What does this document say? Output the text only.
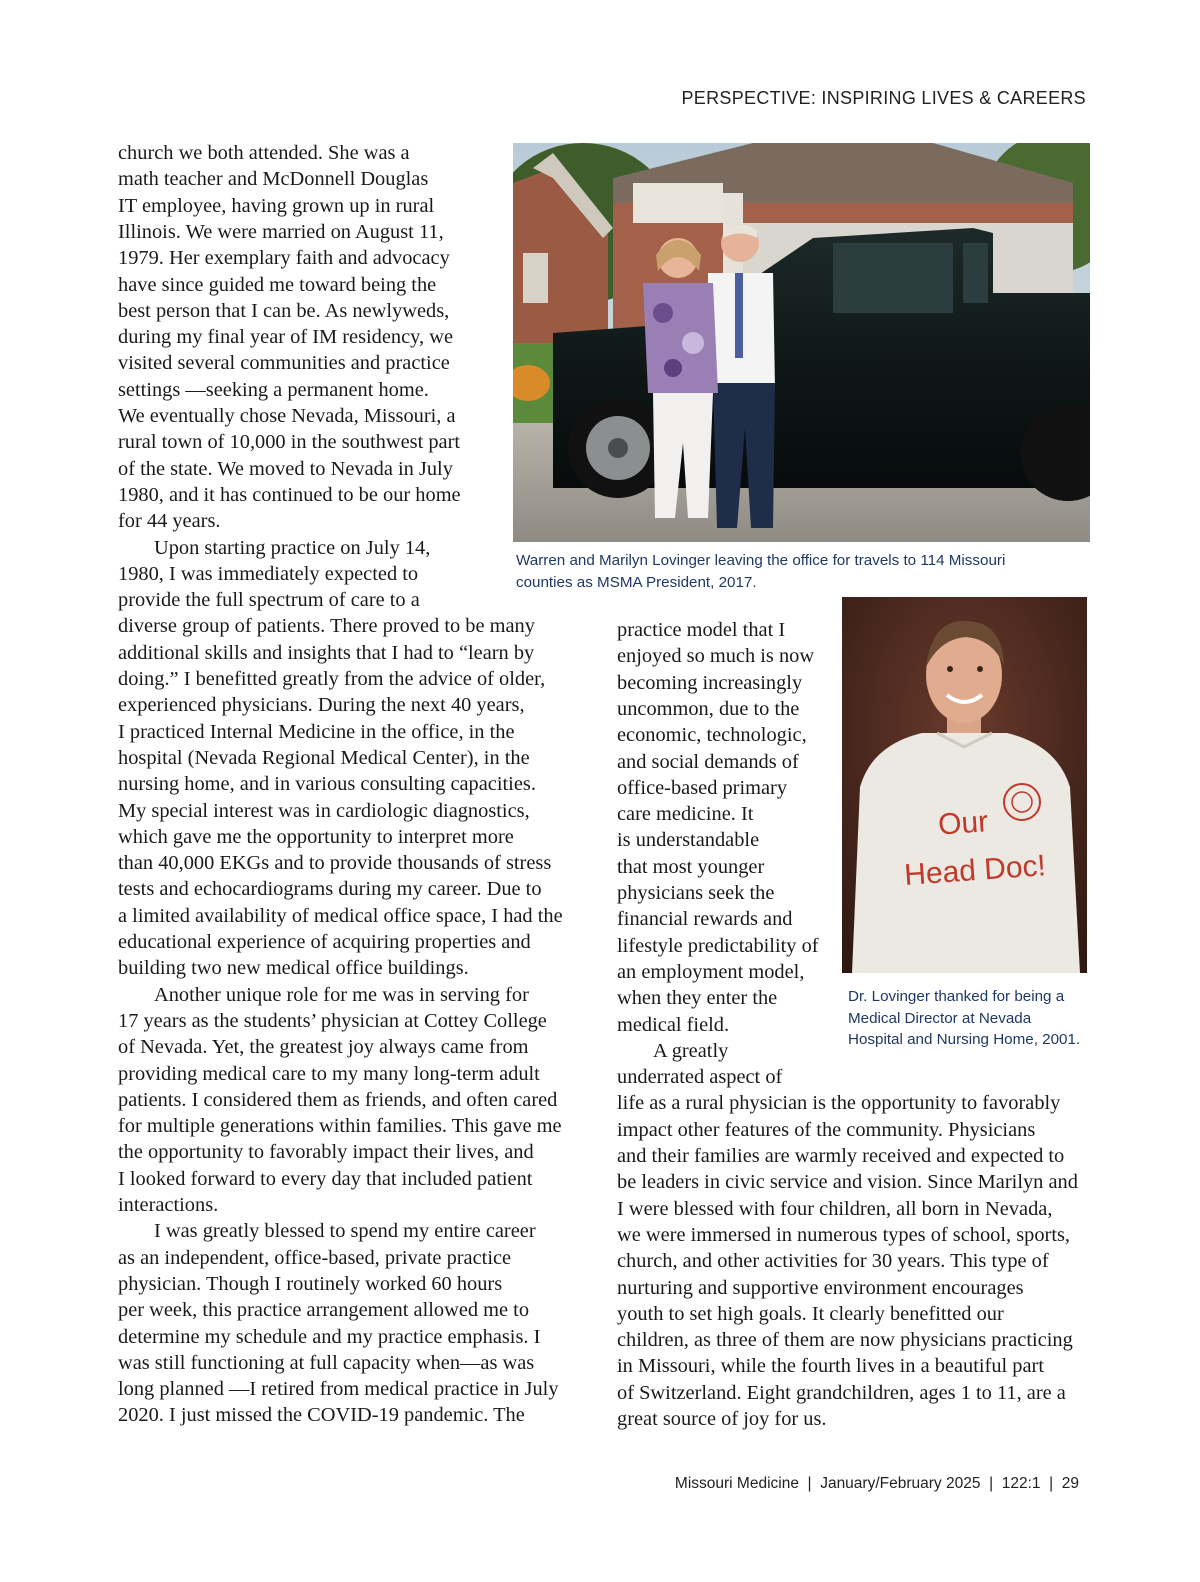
PERSPECTIVE: INSPIRING LIVES & CAREERS
Warren and Marilyn Lovinger leaving the office for travels to 114 Missouri
counties as MSMA President, 2017.
Our
Head Doc!
Dr. Lovinger thanked for being a
Medical Director at Nevada
Hospital and Nursing Home, 2001.
church we both attended. She was a
math teacher and McDonnell Douglas
IT employee, having grown up in rural
Illinois. We were married on August 11,
1979. Her exemplary faith and advocacy
have since guided me toward being the
best person that I can be. As newlyweds,
during my final year of IM residency, we
visited several communities and practice
settings —seeking a permanent home.
We eventually chose Nevada, Missouri, a
rural town of 10,000 in the southwest part
of the state. We moved to Nevada in July
1980, and it has continued to be our home
for 44 years.
Upon starting practice on July 14,
1980, I was immediately expected to
provide the full spectrum of care to a
diverse group of patients. There proved to be many
additional skills and insights that I had to “learn by
doing.” I benefitted greatly from the advice of older,
experienced physicians. During the next 40 years,
I practiced Internal Medicine in the office, in the
hospital (Nevada Regional Medical Center), in the
nursing home, and in various consulting capacities.
My special interest was in cardiologic diagnostics,
which gave me the opportunity to interpret more
than 40,000 EKGs and to provide thousands of stress
tests and echocardiograms during my career. Due to
a limited availability of medical office space, I had the
educational experience of acquiring properties and
building two new medical office buildings.
Another unique role for me was in serving for
17 years as the students’ physician at Cottey College
of Nevada. Yet, the greatest joy always came from
providing medical care to my many long-term adult
patients. I considered them as friends, and often cared
for multiple generations within families. This gave me
the opportunity to favorably impact their lives, and
I looked forward to every day that included patient
interactions.
I was greatly blessed to spend my entire career
as an independent, office-based, private practice
physician. Though I routinely worked 60 hours
per week, this practice arrangement allowed me to
determine my schedule and my practice emphasis. I
was still functioning at full capacity when—as was
long planned —I retired from medical practice in July
2020. I just missed the COVID-19 pandemic. The
practice model that I
enjoyed so much is now
becoming increasingly
uncommon, due to the
economic, technologic,
and social demands of
office-based primary
care medicine. It
is understandable
that most younger
physicians seek the
financial rewards and
lifestyle predictability of
an employment model,
when they enter the
medical field.
A greatly
underrated aspect of
life as a rural physician is the opportunity to favorably
impact other features of the community. Physicians
and their families are warmly received and expected to
be leaders in civic service and vision. Since Marilyn and
I were blessed with four children, all born in Nevada,
we were immersed in numerous types of school, sports,
church, and other activities for 30 years. This type of
nurturing and supportive environment encourages
youth to set high goals. It clearly benefitted our
children, as three of them are now physicians practicing
in Missouri, while the fourth lives in a beautiful part
of Switzerland. Eight grandchildren, ages 1 to 11, are a
great source of joy for us.
Missouri Medicine  |  January/February 2025  |  122:1  |  29
